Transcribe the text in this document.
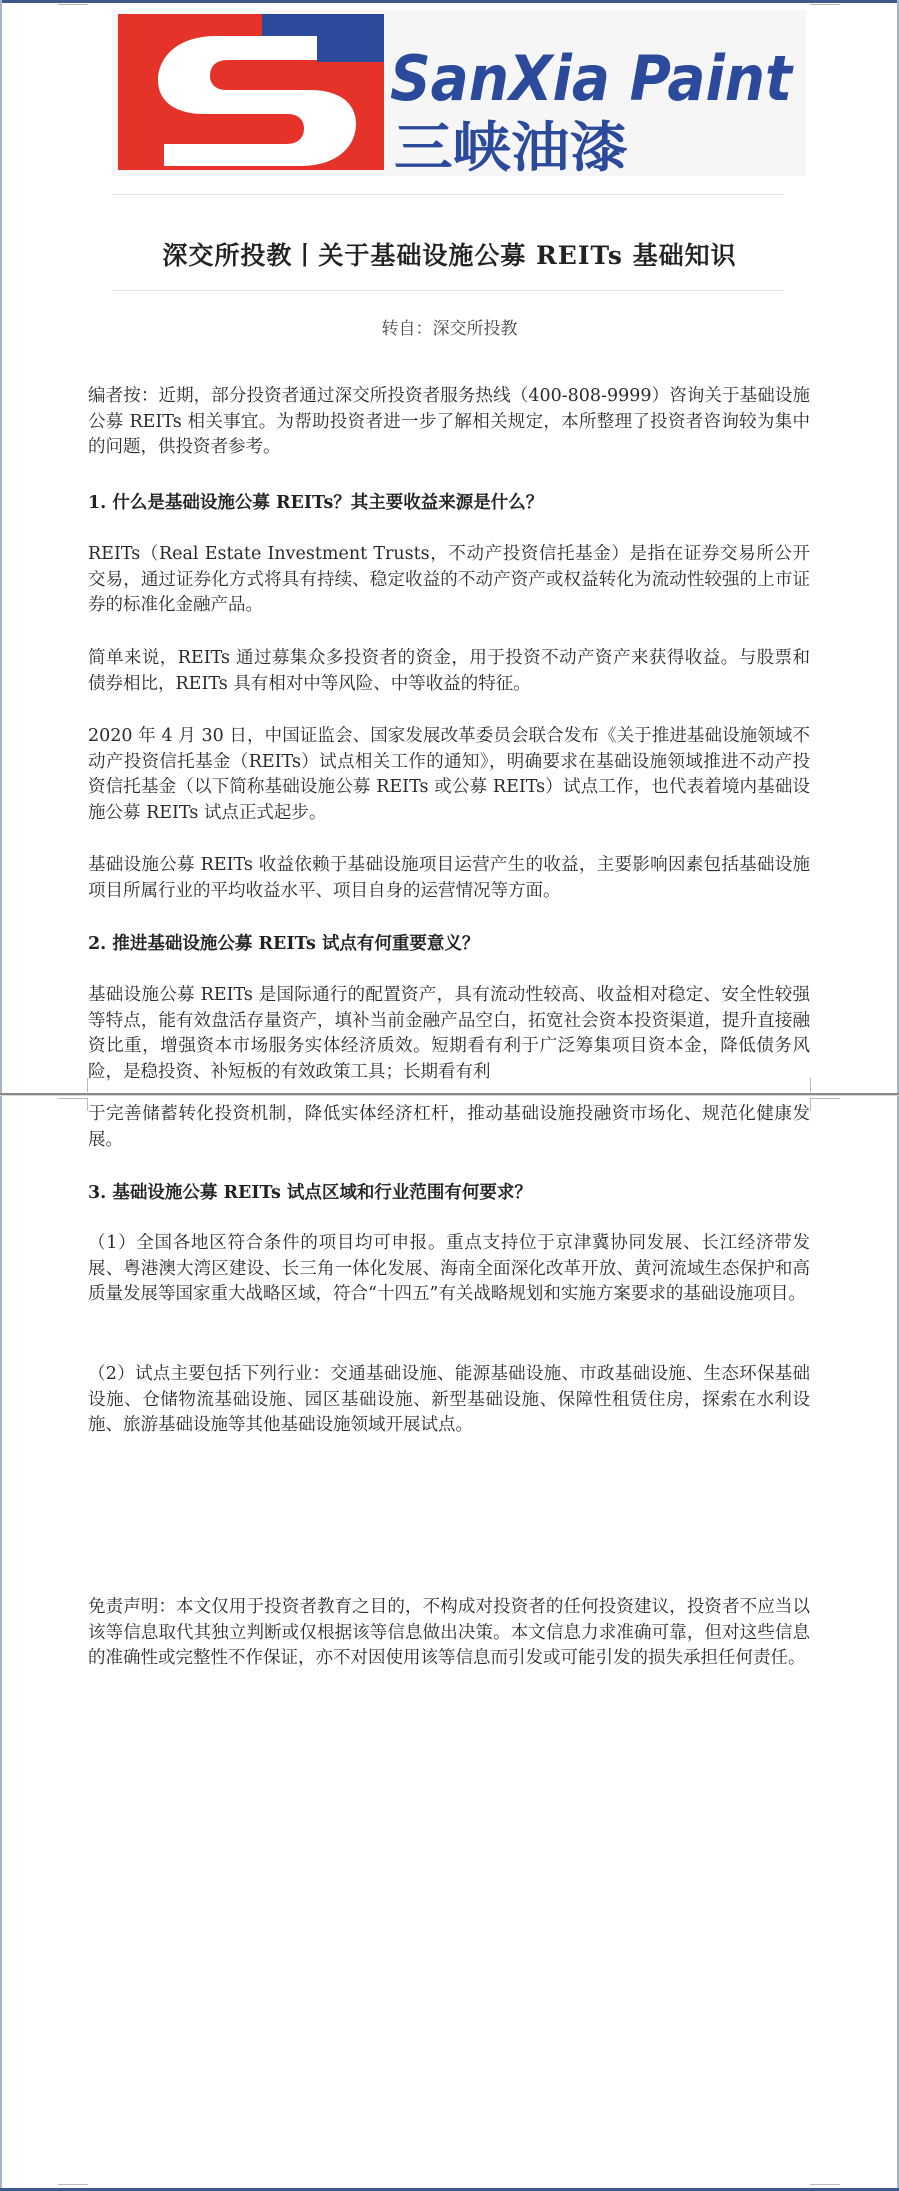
SanXia Paint
三峡油漆
深交所投教丨关于基础设施公募 REITs 基础知识
转自：深交所投教

编者按：近期，部分投资者通过深交所投资者服务热线（400-808-9999）咨询关于基础设施公募 REITs 相关事宜。为帮助投资者进一步了解相关规定，本所整理了投资者咨询较为集中的问题，供投资者参考。

1. 什么是基础设施公募 REITs？其主要收益来源是什么？

REITs（Real Estate Investment Trusts，不动产投资信托基金）是指在证券交易所公开交易，通过证券化方式将具有持续、稳定收益的不动产资产或权益转化为流动性较强的上市证券的标准化金融产品。

简单来说，REITs 通过募集众多投资者的资金，用于投资不动产资产来获得收益。与股票和债券相比，REITs 具有相对中等风险、中等收益的特征。

2020 年 4 月 30 日，中国证监会、国家发展改革委员会联合发布《关于推进基础设施领域不动产投资信托基金（REITs）试点相关工作的通知》，明确要求在基础设施领域推进不动产投资信托基金（以下简称基础设施公募 REITs 或公募 REITs）试点工作，也代表着境内基础设施公募 REITs 试点正式起步。

基础设施公募 REITs 收益依赖于基础设施项目运营产生的收益，主要影响因素包括基础设施项目所属行业的平均收益水平、项目自身的运营情况等方面。

2. 推进基础设施公募 REITs 试点有何重要意义？

基础设施公募 REITs 是国际通行的配置资产，具有流动性较高、收益相对稳定、安全性较强等特点，能有效盘活存量资产，填补当前金融产品空白，拓宽社会资本投资渠道，提升直接融资比重，增强资本市场服务实体经济质效。短期看有利于广泛筹集项目资本金，降低债务风险，是稳投资、补短板的有效政策工具；长期看有利

于完善储蓄转化投资机制，降低实体经济杠杆，推动基础设施投融资市场化、规范化健康发展。

3. 基础设施公募 REITs 试点区域和行业范围有何要求？

（1）全国各地区符合条件的项目均可申报。重点支持位于京津冀协同发展、长江经济带发展、粤港澳大湾区建设、长三角一体化发展、海南全面深化改革开放、黄河流域生态保护和高质量发展等国家重大战略区域，符合“十四五”有关战略规划和实施方案要求的基础设施项目。

（2）试点主要包括下列行业：交通基础设施、能源基础设施、市政基础设施、生态环保基础设施、仓储物流基础设施、园区基础设施、新型基础设施、保障性租赁住房，探索在水利设施、旅游基础设施等其他基础设施领域开展试点。

免责声明：本文仅用于投资者教育之目的，不构成对投资者的任何投资建议，投资者不应当以该等信息取代其独立判断或仅根据该等信息做出决策。本文信息力求准确可靠，但对这些信息的准确性或完整性不作保证，亦不对因使用该等信息而引发或可能引发的损失承担任何责任。
